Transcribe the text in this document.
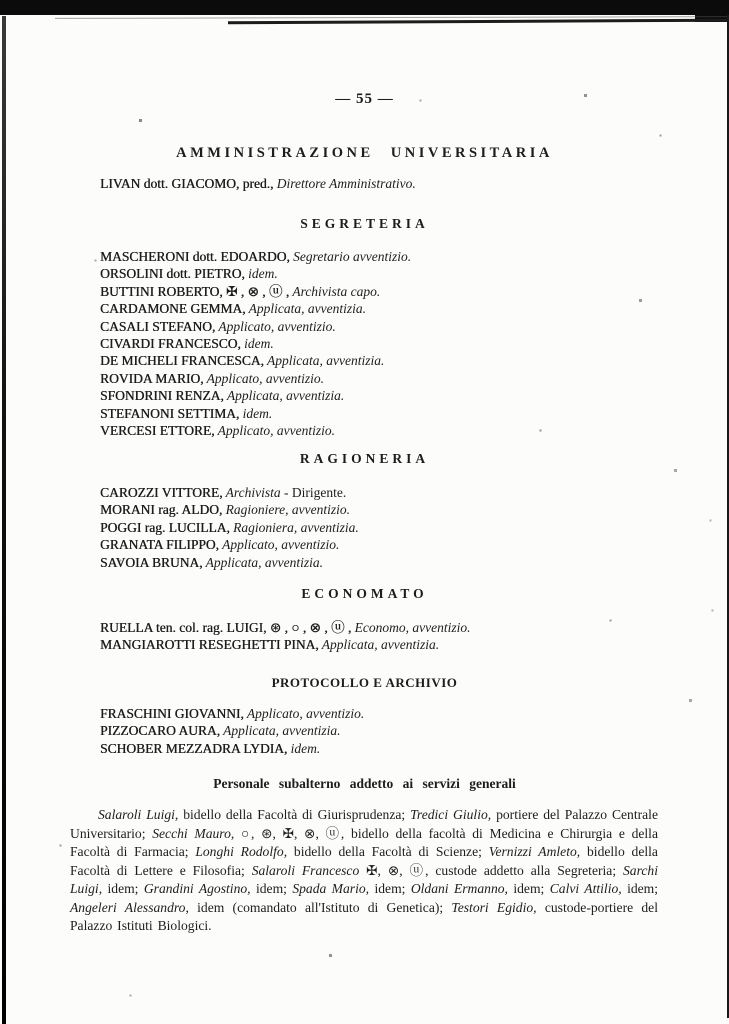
— 55 —
AMMINISTRAZIONE UNIVERSITARIA
LIVAN dott. GIACOMO, pred., Direttore Amministrativo.
SEGRETERIA
MASCHERONI dott. EDOARDO, Segretario avventizio.
ORSOLINI dott. PIETRO, idem.
BUTTINI ROBERTO, ✠ , ⊗ , ⓤ , Archivista capo.
CARDAMONE GEMMA, Applicata, avventizia.
CASALI STEFANO, Applicato, avventizio.
CIVARDI FRANCESCO, idem.
DE MICHELI FRANCESCA, Applicata, avventizia.
ROVIDA MARIO, Applicato, avventizio.
SFONDRINI RENZA, Applicata, avventizia.
STEFANONI SETTIMA, idem.
VERCESI ETTORE, Applicato, avventizio.
RAGIONERIA
CAROZZI VITTORE, Archivista - Dirigente.
MORANI rag. ALDO, Ragioniere, avventizio.
POGGI rag. LUCILLA, Ragioniera, avventizia.
GRANATA FILIPPO, Applicato, avventizio.
SAVOIA BRUNA, Applicata, avventizia.
ECONOMATO
RUELLA ten. col. rag. LUIGI, ⊛ , ○ , ⊗ , ⓤ , Economo, avventizio.
MANGIAROTTI RESEGHETTI PINA, Applicata, avventizia.
PROTOCOLLO E ARCHIVIO
FRASCHINI GIOVANNI, Applicato, avventizio.
PIZZOCARO AURA, Applicata, avventizia.
SCHOBER MEZZADRA LYDIA, idem.
Personale subalterno addetto ai servizi generali

Salaroli Luigi, bidello della Facoltà di Giurisprudenza; Tredici Giulio, portiere del Palazzo Centrale Universitario; Secchi Mauro, ○, ⊛, ✠, ⊗, ⓤ, bidello della facoltà di Medicina e Chirurgia e della Facoltà di Farmacia; Longhi Rodolfo, bidello della Facoltà di Scienze; Vernizzi Amleto, bidello della Facoltà di Lettere e Filosofia; Salaroli Francesco ✠, ⊗, ⓤ, custode addetto alla Segreteria; Sarchi Luigi, idem; Grandini Agostino, idem; Spada Mario, idem; Oldani Ermanno, idem; Calvi Attilio, idem; Angeleri Alessandro, idem (comandato all'Istituto di Genetica); Testori Egidio, custode-portiere del Palazzo Istituti Biologici.
